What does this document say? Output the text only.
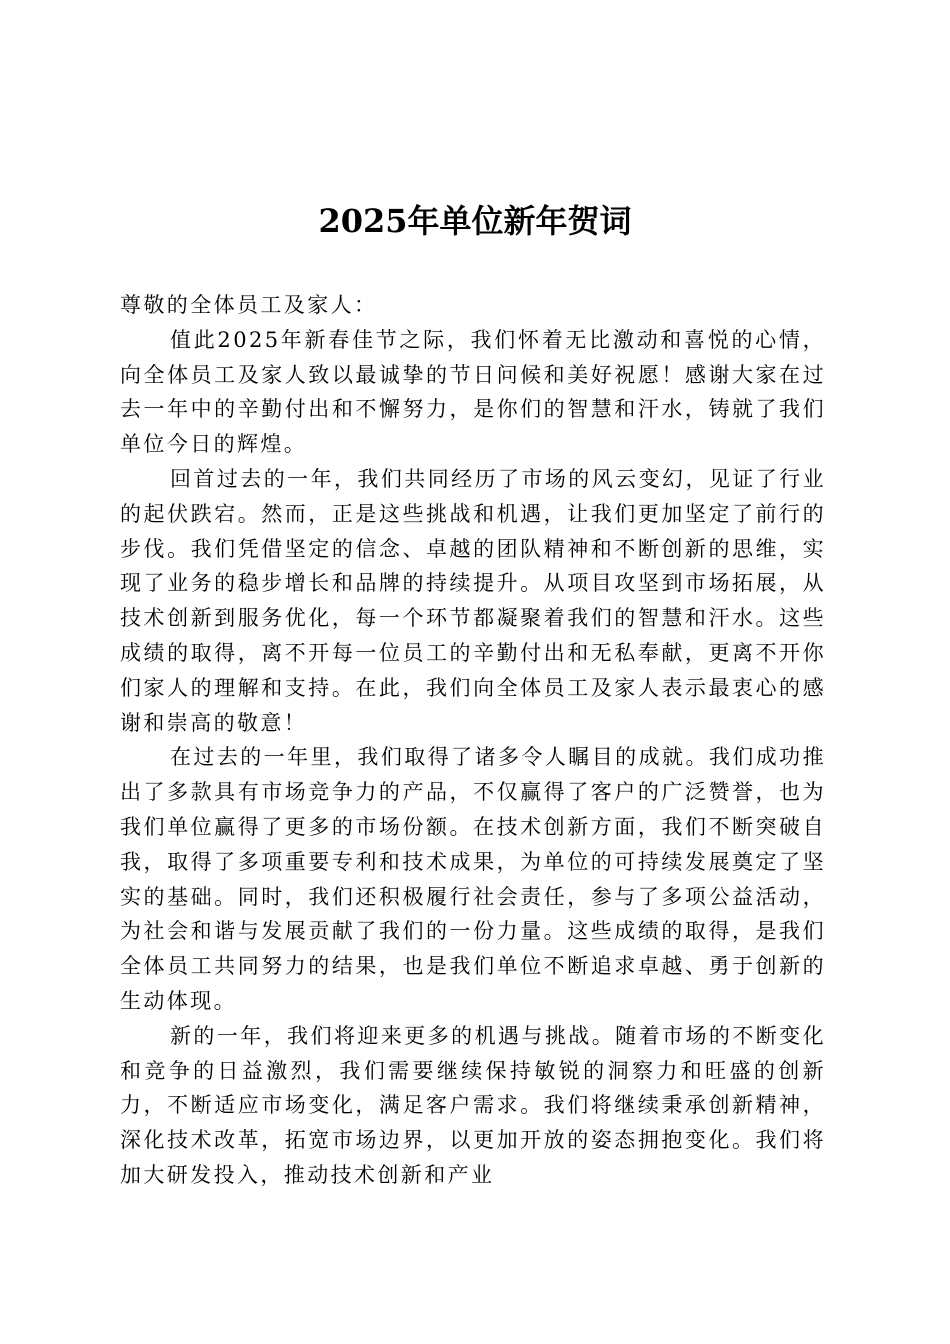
2025年单位新年贺词

尊敬的全体员工及家人：

值此2025年新春佳节之际，我们怀着无比激动和喜悦的心情，向全体员工及家人致以最诚挚的节日问候和美好祝愿！感谢大家在过去一年中的辛勤付出和不懈努力，是你们的智慧和汗水，铸就了我们单位今日的辉煌。

回首过去的一年，我们共同经历了市场的风云变幻，见证了行业的起伏跌宕。然而，正是这些挑战和机遇，让我们更加坚定了前行的步伐。我们凭借坚定的信念、卓越的团队精神和不断创新的思维，实现了业务的稳步增长和品牌的持续提升。从项目攻坚到市场拓展，从技术创新到服务优化，每一个环节都凝聚着我们的智慧和汗水。这些成绩的取得，离不开每一位员工的辛勤付出和无私奉献，更离不开你们家人的理解和支持。在此，我们向全体员工及家人表示最衷心的感谢和崇高的敬意！

在过去的一年里，我们取得了诸多令人瞩目的成就。我们成功推出了多款具有市场竞争力的产品，不仅赢得了客户的广泛赞誉，也为我们单位赢得了更多的市场份额。在技术创新方面，我们不断突破自我，取得了多项重要专利和技术成果，为单位的可持续发展奠定了坚实的基础。同时，我们还积极履行社会责任，参与了多项公益活动，为社会和谐与发展贡献了我们的一份力量。这些成绩的取得，是我们全体员工共同努力的结果，也是我们单位不断追求卓越、勇于创新的生动体现。

新的一年，我们将迎来更多的机遇与挑战。随着市场的不断变化和竞争的日益激烈，我们需要继续保持敏锐的洞察力和旺盛的创新力，不断适应市场变化，满足客户需求。我们将继续秉承创新精神，深化技术改革，拓宽市场边界，以更加开放的姿态拥抱变化。我们将加大研发投入，推动技术创新和产业
